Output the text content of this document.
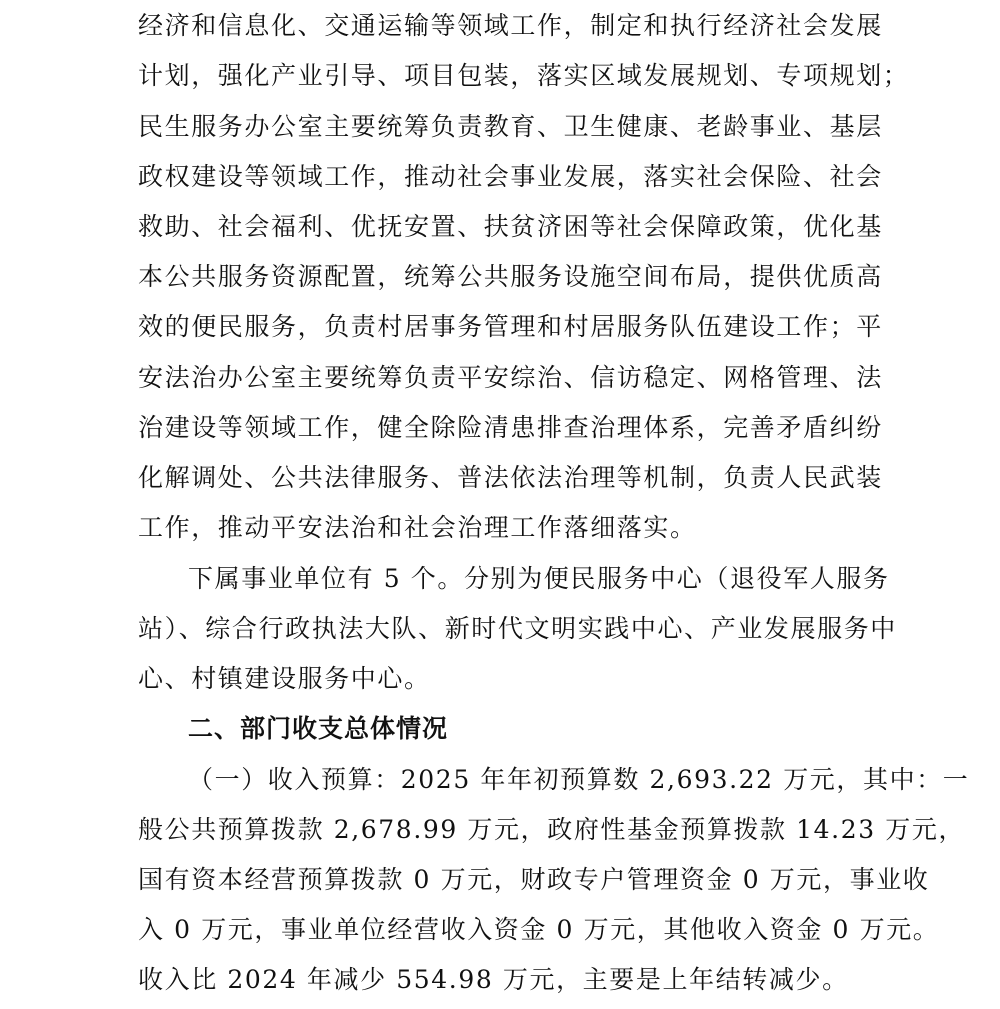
经济和信息化、交通运输等领域工作，制定和执行经济社会发展
计划，强化产业引导、项目包装，落实区域发展规划、专项规划；
民生服务办公室主要统筹负责教育、卫生健康、老龄事业、基层
政权建设等领域工作，推动社会事业发展，落实社会保险、社会
救助、社会福利、优抚安置、扶贫济困等社会保障政策，优化基
本公共服务资源配置，统筹公共服务设施空间布局，提供优质高
效的便民服务，负责村居事务管理和村居服务队伍建设工作；平
安法治办公室主要统筹负责平安综治、信访稳定、网格管理、法
治建设等领域工作，健全除险清患排查治理体系，完善矛盾纠纷
化解调处、公共法律服务、普法依法治理等机制，负责人民武装
工作，推动平安法治和社会治理工作落细落实。
下属事业单位有 5 个。分别为便民服务中心（退役军人服务
站）、综合行政执法大队、新时代文明实践中心、产业发展服务中
心、村镇建设服务中心。
二、部门收支总体情况
（一）收入预算：2025 年年初预算数 2,693.22 万元，其中：一
般公共预算拨款 2,678.99 万元，政府性基金预算拨款 14.23 万元，
国有资本经营预算拨款 0 万元，财政专户管理资金 0 万元，事业收
入 0 万元，事业单位经营收入资金 0 万元，其他收入资金 0 万元。
收入比 2024 年减少 554.98 万元，主要是上年结转减少。
